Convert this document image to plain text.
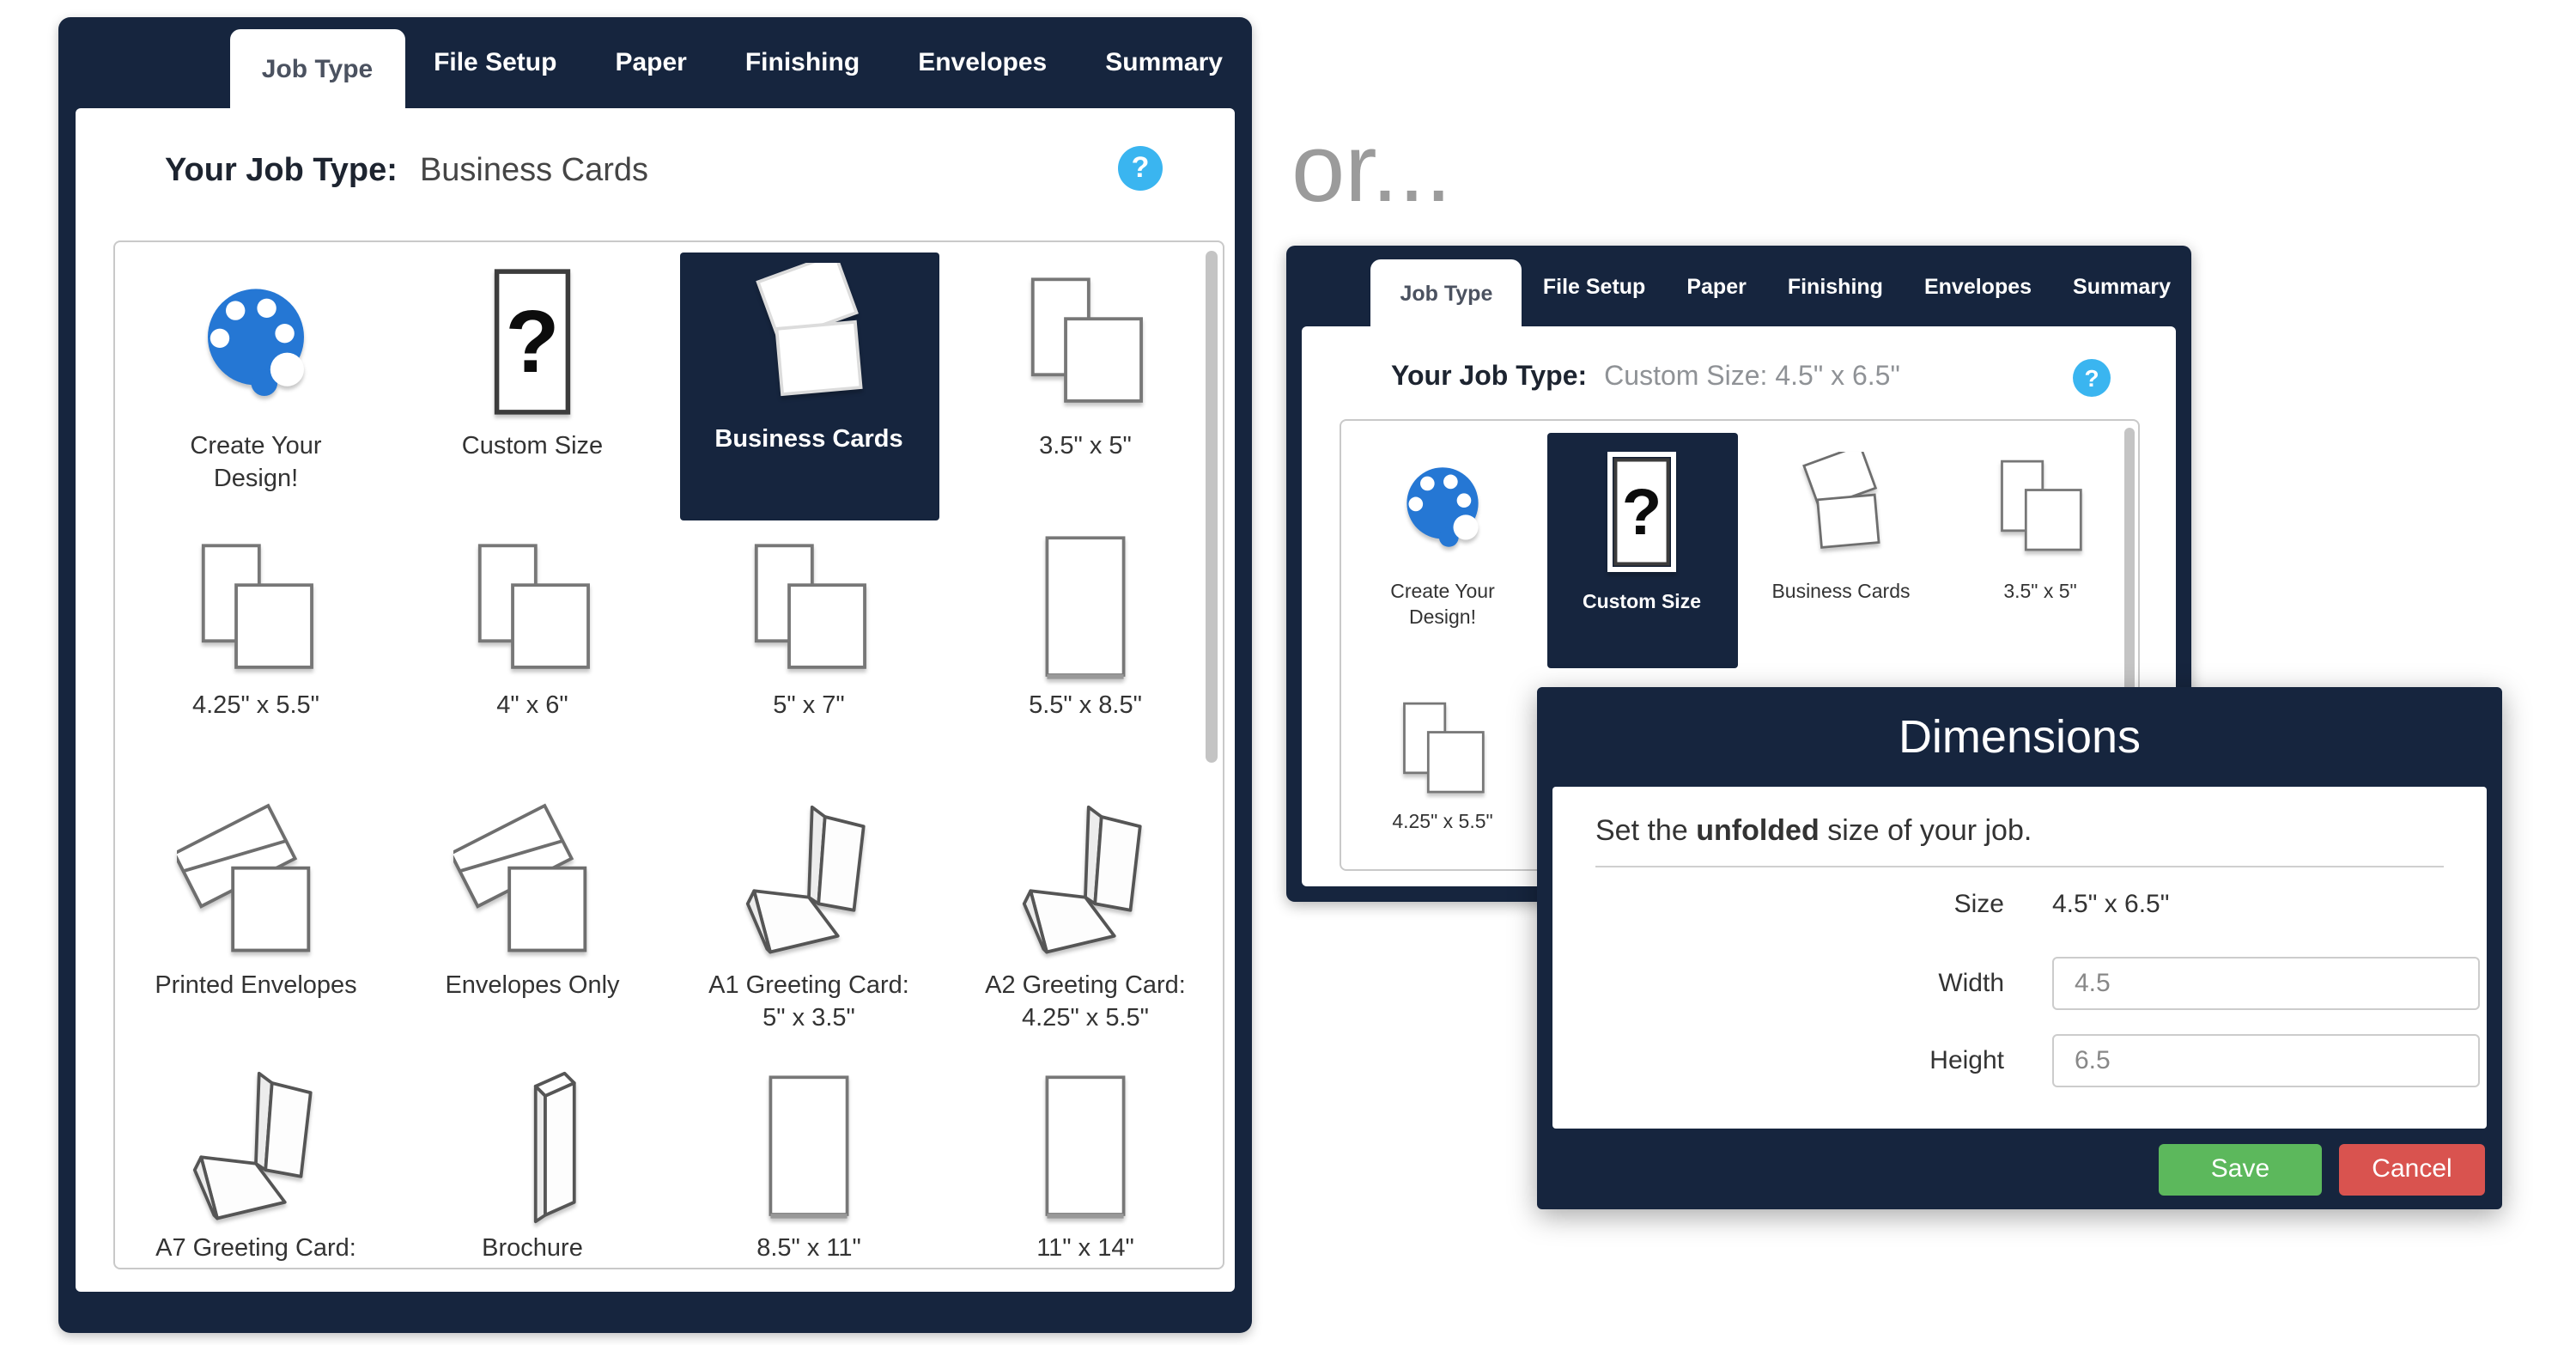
or...
Job Type	File Setup	Paper	Finishing	Envelopes	Summary
Your Job Type: Business Cards	?
Create Your
Design!
?
Custom Size	Business Cards	3.5" x 5"
4.25" x 5.5"	4" x 6"	5" x 7"	5.5" x 8.5"
Printed Envelopes	Envelopes Only	A1 Greeting Card:
5" x 3.5"
A2 Greeting Card:
4.25" x 5.5"
A7 Greeting Card:	Brochure	8.5" x 11"	11" x 14"
Job Type	File Setup	Paper	Finishing	Envelopes	Summary
Your Job Type: Custom Size: 4.5" x 6.5"	?
Create Your
Design!
?
Custom Size	Business Cards	3.5" x 5"
4.25" x 5.5"
Dimensions
Set the unfolded size of your job.
Size	4.5" x 6.5"
Width
4.5
Height
6.5
Save	Cancel
